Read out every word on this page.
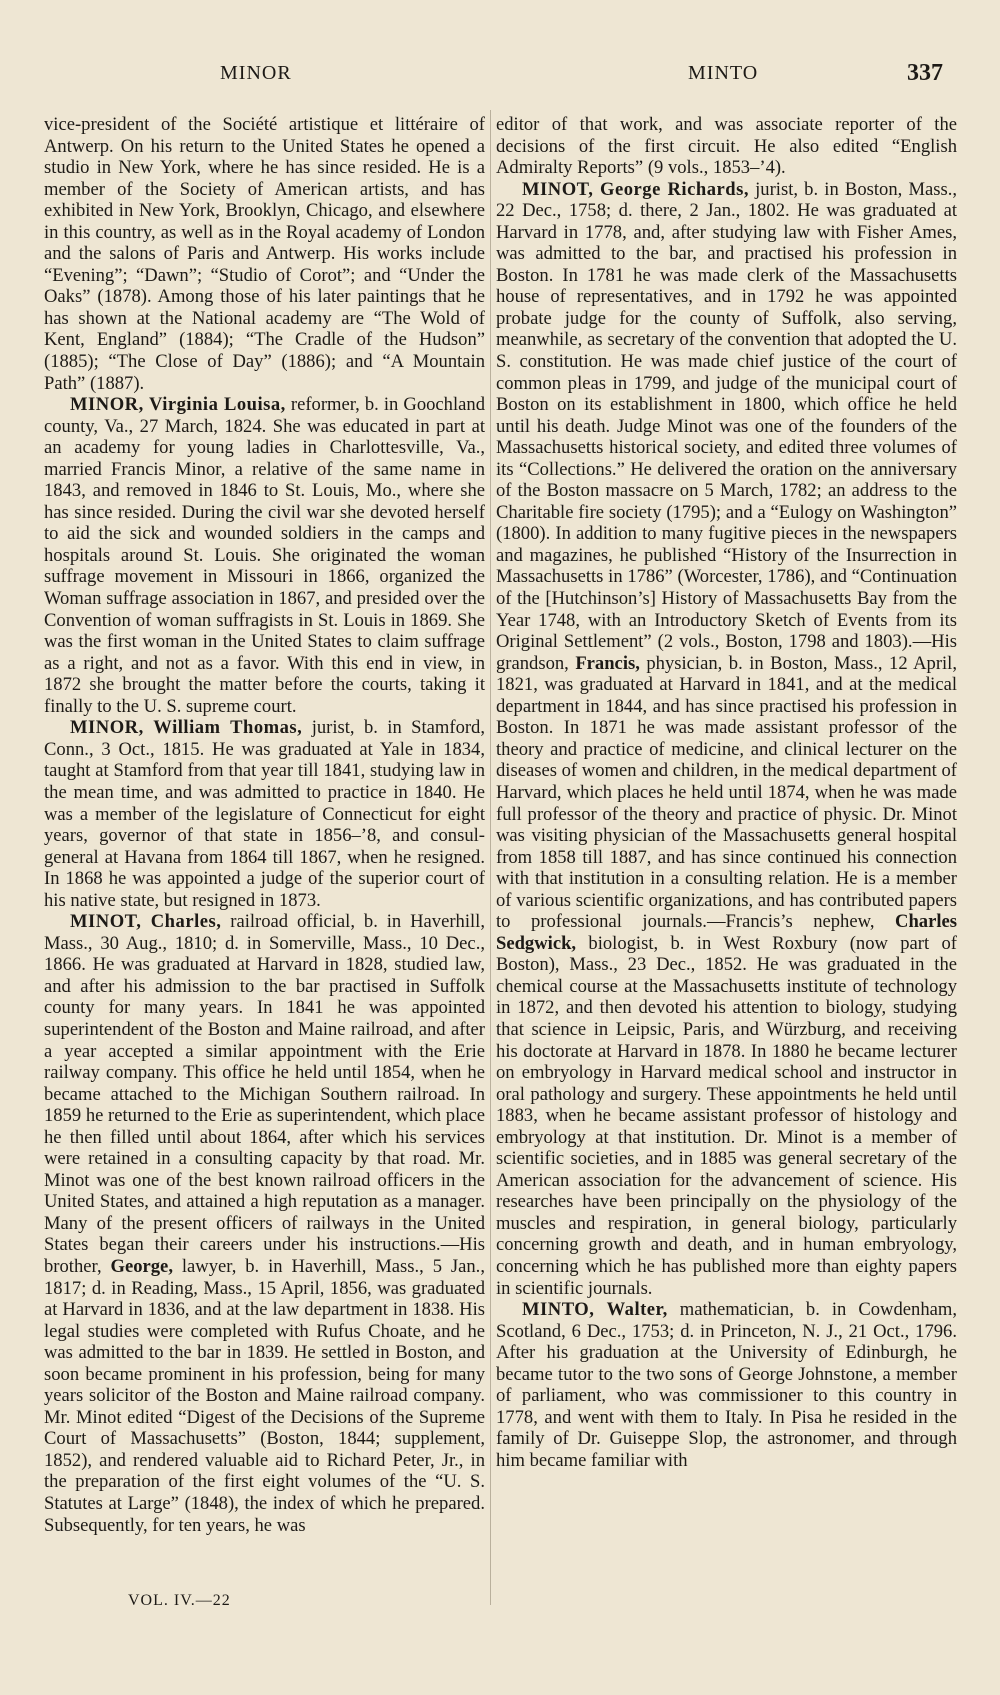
MINOR	MINTO	337

vice-president of the Société artistique et littéraire of Antwerp. On his return to the United States he opened a studio in New York, where he has since resided. He is a member of the Society of American artists, and has exhibited in New York, Brooklyn, Chicago, and elsewhere in this country, as well as in the Royal academy of London and the salons of Paris and Antwerp. His works include “Evening”; “Dawn”; “Studio of Corot”; and “Under the Oaks” (1878). Among those of his later paintings that he has shown at the National academy are “The Wold of Kent, England” (1884); “The Cradle of the Hudson” (1885); “The Close of Day” (1886); and “A Mountain Path” (1887).

MINOR, Virginia Louisa, reformer, b. in Goochland county, Va., 27 March, 1824. She was educated in part at an academy for young ladies in Charlottesville, Va., married Francis Minor, a relative of the same name in 1843, and removed in 1846 to St. Louis, Mo., where she has since resided. During the civil war she devoted herself to aid the sick and wounded soldiers in the camps and hospitals around St. Louis. She originated the woman suffrage movement in Missouri in 1866, organized the Woman suffrage association in 1867, and presided over the Convention of woman suffragists in St. Louis in 1869. She was the first woman in the United States to claim suffrage as a right, and not as a favor. With this end in view, in 1872 she brought the matter before the courts, taking it finally to the U. S. supreme court.

MINOR, William Thomas, jurist, b. in Stamford, Conn., 3 Oct., 1815. He was graduated at Yale in 1834, taught at Stamford from that year till 1841, studying law in the mean time, and was admitted to practice in 1840. He was a member of the legislature of Connecticut for eight years, governor of that state in 1856–’8, and consul-general at Havana from 1864 till 1867, when he resigned. In 1868 he was appointed a judge of the superior court of his native state, but resigned in 1873.

MINOT, Charles, railroad official, b. in Haverhill, Mass., 30 Aug., 1810; d. in Somerville, Mass., 10 Dec., 1866. He was graduated at Harvard in 1828, studied law, and after his admission to the bar practised in Suffolk county for many years. In 1841 he was appointed superintendent of the Boston and Maine railroad, and after a year accepted a similar appointment with the Erie railway company. This office he held until 1854, when he became attached to the Michigan Southern railroad. In 1859 he returned to the Erie as superintendent, which place he then filled until about 1864, after which his services were retained in a consulting capacity by that road. Mr. Minot was one of the best known railroad officers in the United States, and attained a high reputation as a manager. Many of the present officers of railways in the United States began their careers under his instructions.—His brother, George, lawyer, b. in Haverhill, Mass., 5 Jan., 1817; d. in Reading, Mass., 15 April, 1856, was graduated at Harvard in 1836, and at the law department in 1838. His legal studies were completed with Rufus Choate, and he was admitted to the bar in 1839. He settled in Boston, and soon became prominent in his profession, being for many years solicitor of the Boston and Maine railroad company. Mr. Minot edited “Digest of the Decisions of the Supreme Court of Massachusetts” (Boston, 1844; supplement, 1852), and rendered valuable aid to Richard Peter, Jr., in the preparation of the first eight volumes of the “U. S. Statutes at Large” (1848), the index of which he prepared. Subsequently, for ten years, he was

editor of that work, and was associate reporter of the decisions of the first circuit. He also edited “English Admiralty Reports” (9 vols., 1853–’4).

MINOT, George Richards, jurist, b. in Boston, Mass., 22 Dec., 1758; d. there, 2 Jan., 1802. He was graduated at Harvard in 1778, and, after studying law with Fisher Ames, was admitted to the bar, and practised his profession in Boston. In 1781 he was made clerk of the Massachusetts house of representatives, and in 1792 he was appointed probate judge for the county of Suffolk, also serving, meanwhile, as secretary of the convention that adopted the U. S. constitution. He was made chief justice of the court of common pleas in 1799, and judge of the municipal court of Boston on its establishment in 1800, which office he held until his death. Judge Minot was one of the founders of the Massachusetts historical society, and edited three volumes of its “Collections.” He delivered the oration on the anniversary of the Boston massacre on 5 March, 1782; an address to the Charitable fire society (1795); and a “Eulogy on Washington” (1800). In addition to many fugitive pieces in the newspapers and magazines, he published “History of the Insurrection in Massachusetts in 1786” (Worcester, 1786), and “Continuation of the [Hutchinson’s] History of Massachusetts Bay from the Year 1748, with an Introductory Sketch of Events from its Original Settlement” (2 vols., Boston, 1798 and 1803).—His grandson, Francis, physician, b. in Boston, Mass., 12 April, 1821, was graduated at Harvard in 1841, and at the medical department in 1844, and has since practised his profession in Boston. In 1871 he was made assistant professor of the theory and practice of medicine, and clinical lecturer on the diseases of women and children, in the medical department of Harvard, which places he held until 1874, when he was made full professor of the theory and practice of physic. Dr. Minot was visiting physician of the Massachusetts general hospital from 1858 till 1887, and has since continued his connection with that institution in a consulting relation. He is a member of various scientific organizations, and has contributed papers to professional journals.—Francis’s nephew, Charles Sedgwick, biologist, b. in West Roxbury (now part of Boston), Mass., 23 Dec., 1852. He was graduated in the chemical course at the Massachusetts institute of technology in 1872, and then devoted his attention to biology, studying that science in Leipsic, Paris, and Würzburg, and receiving his doctorate at Harvard in 1878. In 1880 he became lecturer on embryology in Harvard medical school and instructor in oral pathology and surgery. These appointments he held until 1883, when he became assistant professor of histology and embryology at that institution. Dr. Minot is a member of scientific societies, and in 1885 was general secretary of the American association for the advancement of science. His researches have been principally on the physiology of the muscles and respiration, in general biology, particularly concerning growth and death, and in human embryology, concerning which he has published more than eighty papers in scientific journals.

MINTO, Walter, mathematician, b. in Cowdenham, Scotland, 6 Dec., 1753; d. in Princeton, N. J., 21 Oct., 1796. After his graduation at the University of Edinburgh, he became tutor to the two sons of George Johnstone, a member of parliament, who was commissioner to this country in 1778, and went with them to Italy. In Pisa he resided in the family of Dr. Guiseppe Slop, the astronomer, and through him became familiar with

VOL. IV.—22
